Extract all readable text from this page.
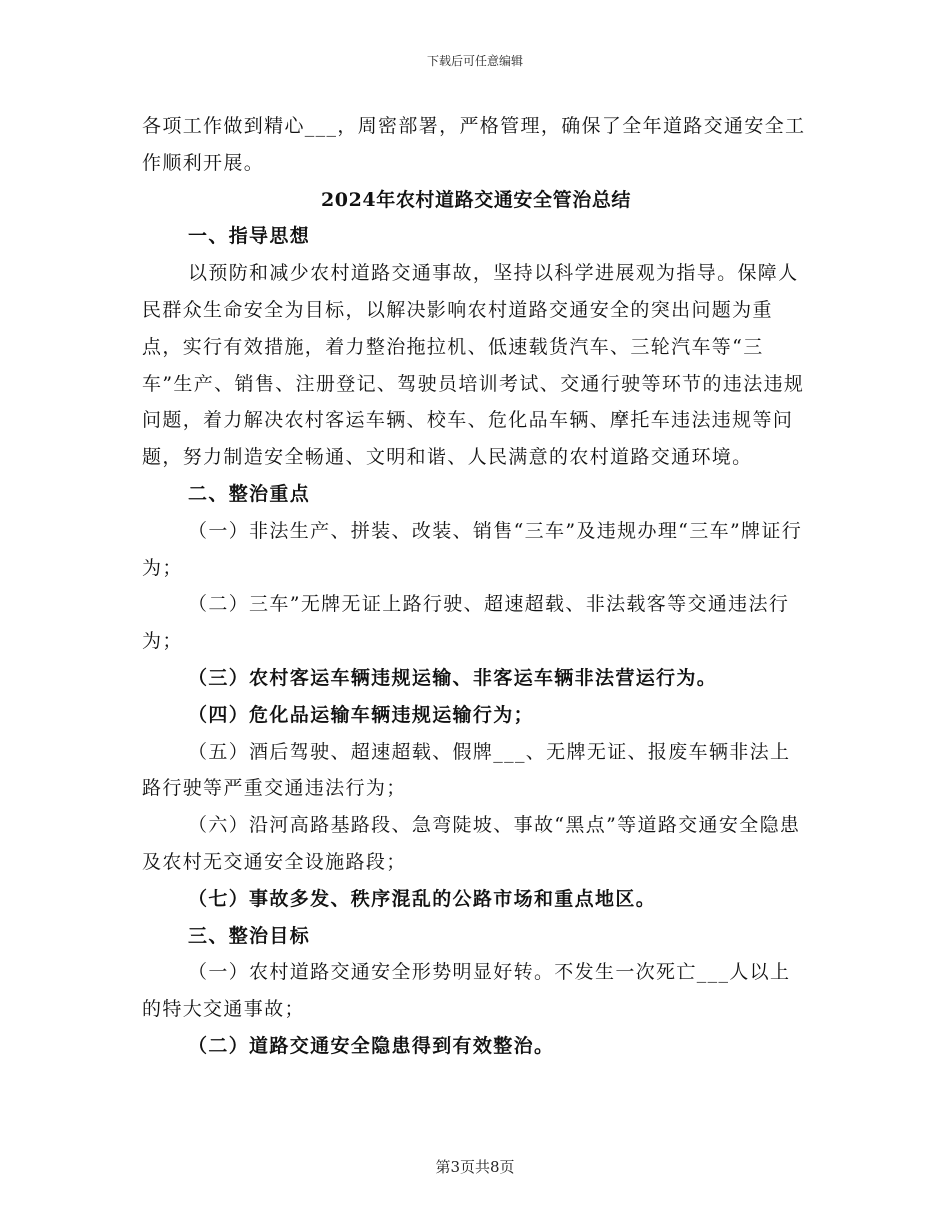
下载后可任意编辑

各项工作做到精心___，周密部署，严格管理，确保了全年道路交通安全工作顺利开展。

2024年农村道路交通安全管治总结

一、指导思想

以预防和减少农村道路交通事故，坚持以科学进展观为指导。保障人民群众生命安全为目标，以解决影响农村道路交通安全的突出问题为重点，实行有效措施，着力整治拖拉机、低速载货汽车、三轮汽车等“三车”生产、销售、注册登记、驾驶员培训考试、交通行驶等环节的违法违规问题，着力解决农村客运车辆、校车、危化品车辆、摩托车违法违规等问题，努力制造安全畅通、文明和谐、人民满意的农村道路交通环境。

二、整治重点

（一）非法生产、拼装、改装、销售“三车”及违规办理“三车”牌证行为；

（二）三车”无牌无证上路行驶、超速超载、非法载客等交通违法行为；

（三）农村客运车辆违规运输、非客运车辆非法营运行为。

（四）危化品运输车辆违规运输行为；

（五）酒后驾驶、超速超载、假牌___、无牌无证、报废车辆非法上路行驶等严重交通违法行为；

（六）沿河高路基路段、急弯陡坡、事故“黑点”等道路交通安全隐患及农村无交通安全设施路段；

（七）事故多发、秩序混乱的公路市场和重点地区。

三、整治目标

（一）农村道路交通安全形势明显好转。不发生一次死亡___人以上的特大交通事故；

（二）道路交通安全隐患得到有效整治。

第3页共8页
